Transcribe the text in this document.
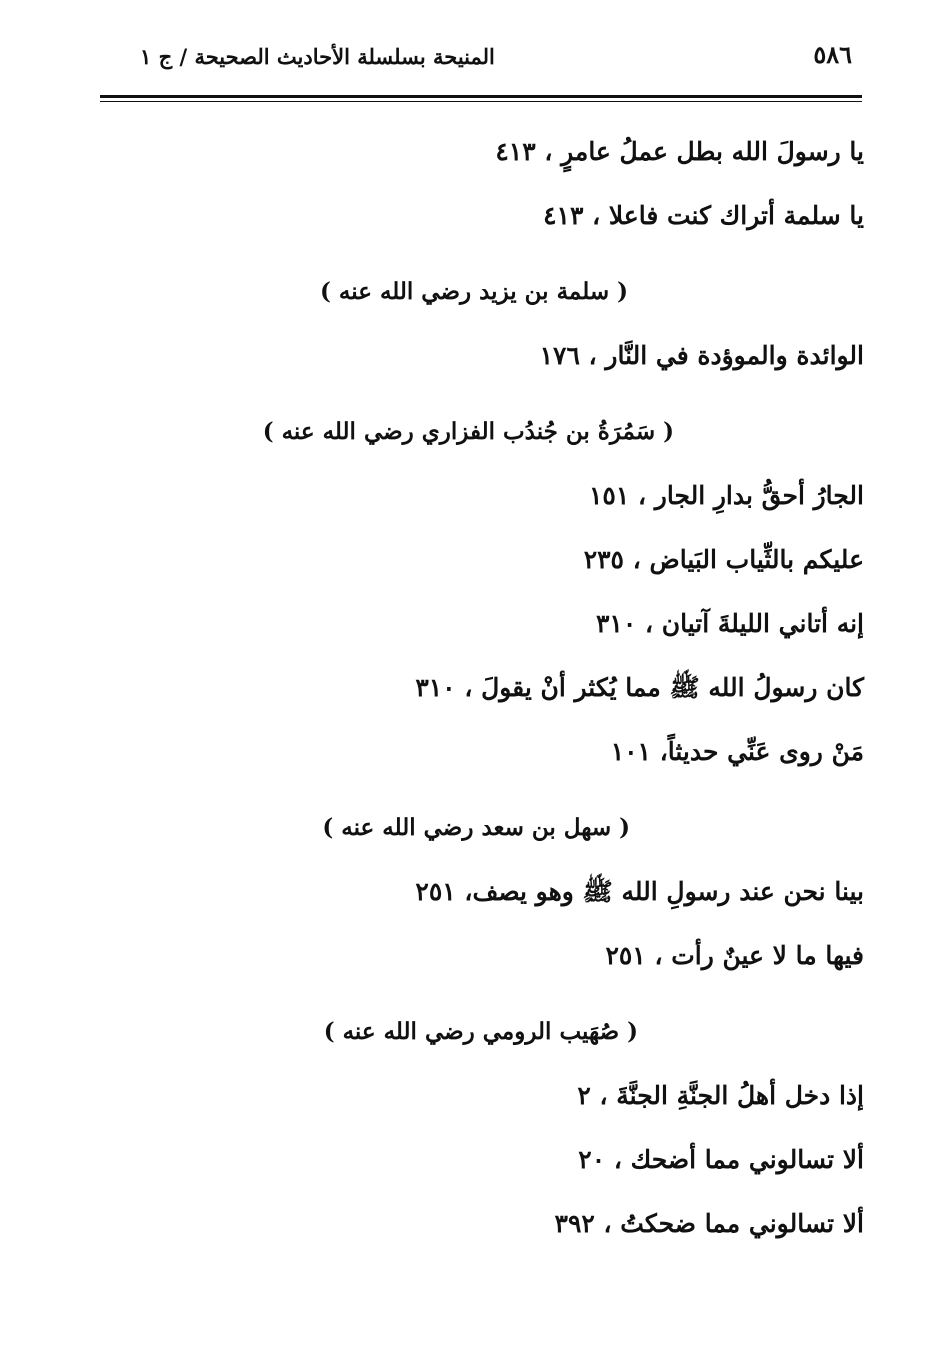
٥٨٦
المنيحة بسلسلة الأحاديث الصحيحة / ج ١
يا رسولَ الله بطل عملُ عامرٍ ، ٤١٣
يا سلمة أتراك كنت فاعلا ، ٤١٣
( سلمة بن يزيد رضي الله عنه )
الوائدة والموؤدة في النَّار ، ١٧٦
( سَمُرَةُ بن جُندُب الفزاري رضي الله عنه )
الجارُ أحقُّ بدارِ الجار ، ١٥١
عليكم بالثِّياب البَياض ، ٢٣٥
إنه أتاني الليلةَ آتيان ، ٣١٠
كان رسولُ الله ﷺ مما يُكثر أنْ يقولَ ، ٣١٠
مَنْ روى عَنِّي حديثاً، ١٠١
( سهل بن سعد رضي الله عنه )
بينا نحن عند رسولِ الله ﷺ وهو يصف، ٢٥١
فيها ما لا عينٌ رأت ، ٢٥١
( صُهَيب الرومي رضي الله عنه )
إذا دخل أهلُ الجنَّةِ الجنَّةَ ، ٢
ألا تسالوني مما أضحك ، ٢٠
ألا تسالوني مما ضحكتُ ، ٣٩٢
